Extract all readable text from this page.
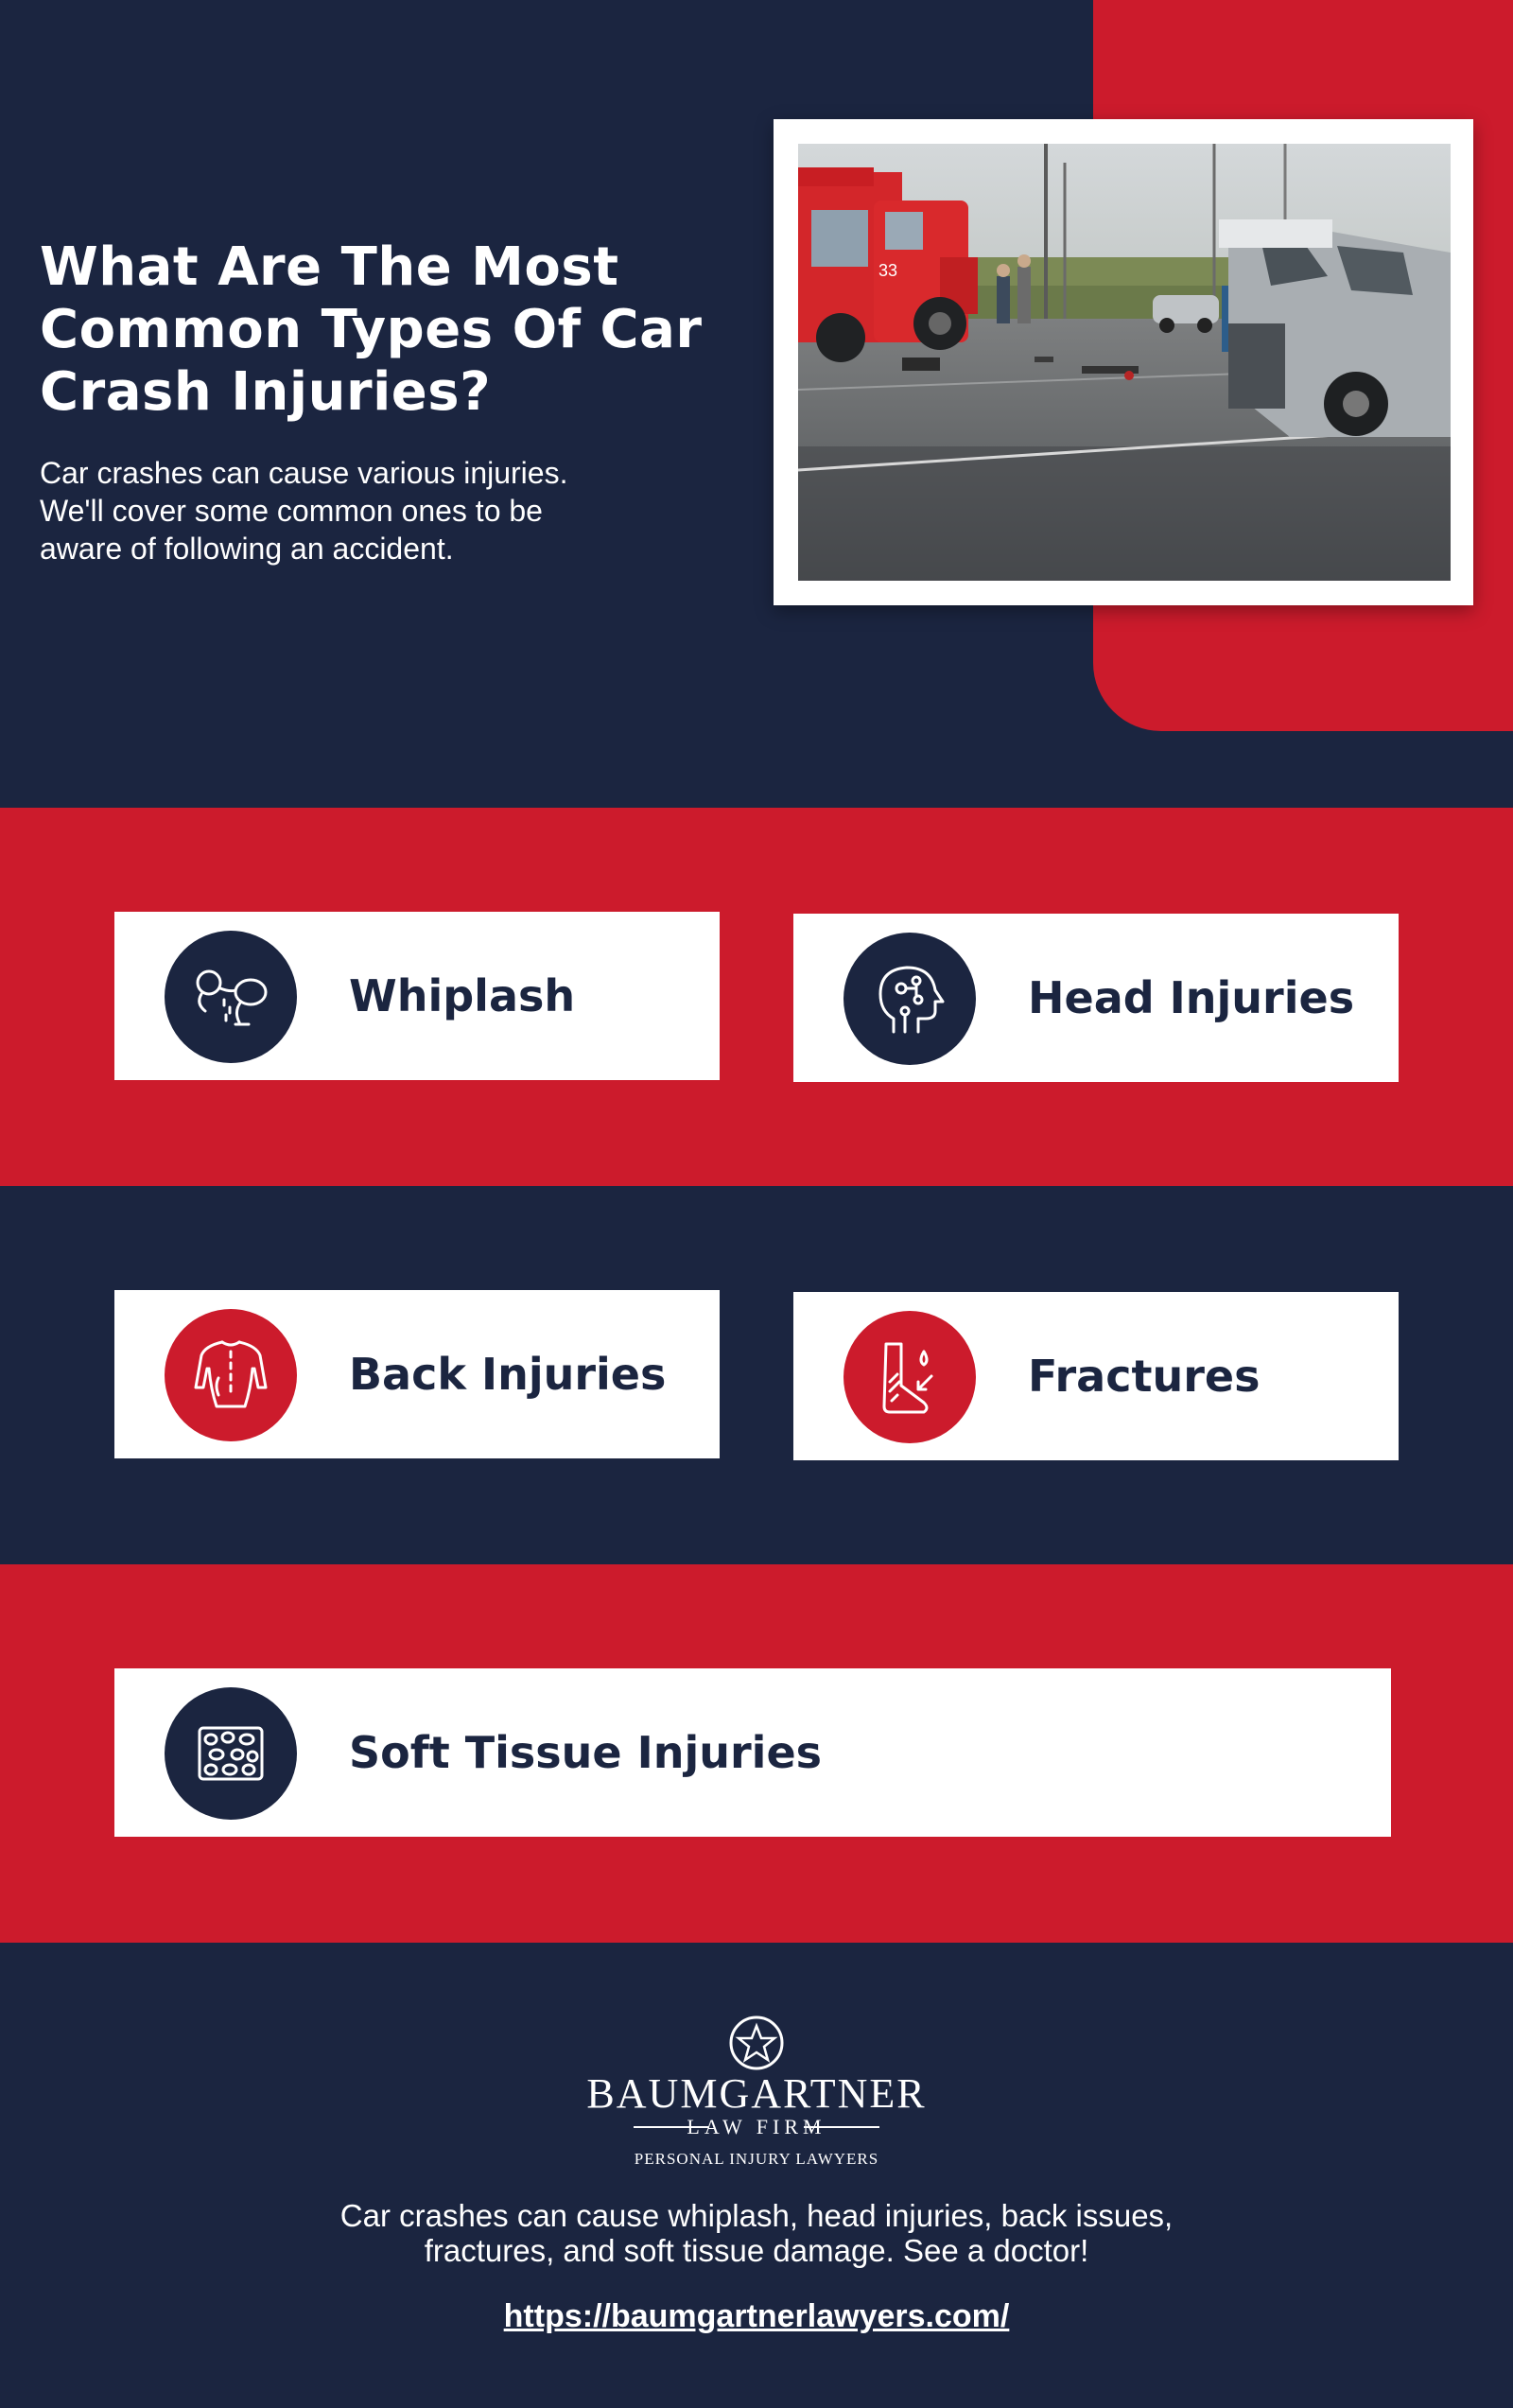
What Are The Most Common Types Of Car Crash Injuries?

Car crashes can cause various injuries. We'll cover some common ones to be aware of following an accident.

33
Whiplash	Head Injuries
Back Injuries	Fractures
Soft Tissue Injuries
BAUMGARTNER
LAW FIRM
PERSONAL INJURY LAWYERS

Car crashes can cause whiplash, head injuries, back issues, fractures, and soft tissue damage. See a doctor!

https://baumgartnerlawyers.com/
